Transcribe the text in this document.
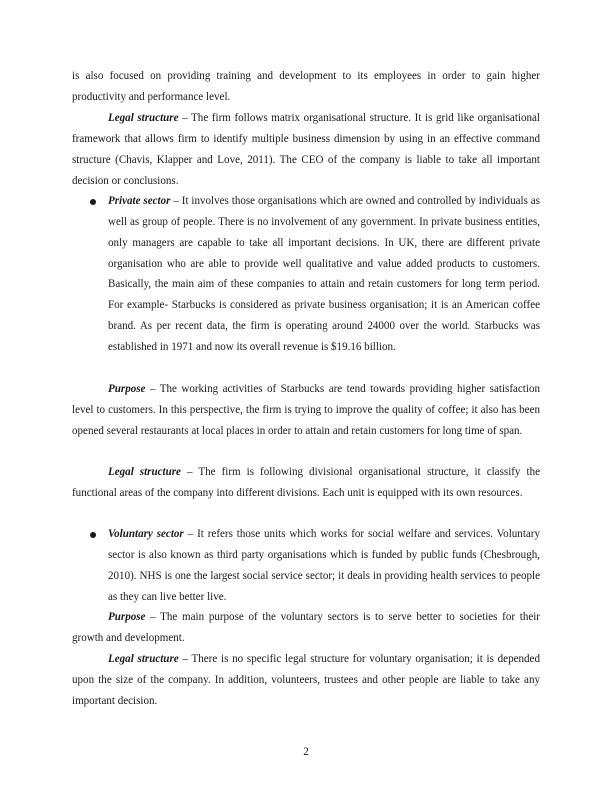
is also focused on providing training and development to its employees in order to gain higher productivity and performance level.

Legal structure – The firm follows matrix organisational structure. It is grid like organisational framework that allows firm to identify multiple business dimension by using in an effective command structure (Chavis, Klapper and Love, 2011). The CEO of the company is liable to take all important decision or conclusions.

Private sector – It involves those organisations which are owned and controlled by individuals as well as group of people. There is no involvement of any government. In private business entities, only managers are capable to take all important decisions. In UK, there are different private organisation who are able to provide well qualitative and value added products to customers. Basically, the main aim of these companies to attain and retain customers for long term period. For example- Starbucks is considered as private business organisation; it is an American coffee brand. As per recent data, the firm is operating around 24000 over the world. Starbucks was established in 1971 and now its overall revenue is $19.16 billion.

Purpose – The working activities of Starbucks are tend towards providing higher satisfaction level to customers. In this perspective, the firm is trying to improve the quality of coffee; it also has been opened several restaurants at local places in order to attain and retain customers for long time of span.

Legal structure – The firm is following divisional organisational structure, it classify the functional areas of the company into different divisions. Each unit is equipped with its own resources.

Voluntary sector – It refers those units which works for social welfare and services. Voluntary sector is also known as third party organisations which is funded by public funds (Chesbrough, 2010). NHS is one the largest social service sector; it deals in providing health services to people as they can live better live.

Purpose – The main purpose of the voluntary sectors is to serve better to societies for their growth and development.

Legal structure – There is no specific legal structure for voluntary organisation; it is depended upon the size of the company. In addition, volunteers, trustees and other people are liable to take any important decision.

2
